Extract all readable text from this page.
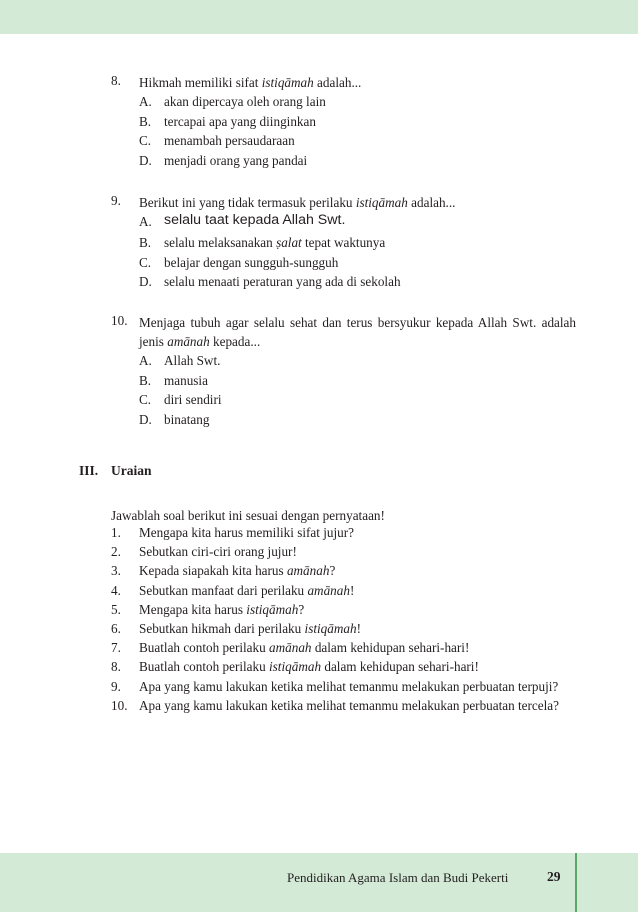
8. Hikmah memiliki sifat istiqāmah adalah...
A. akan dipercaya oleh orang lain
B. tercapai apa yang diinginkan
C. menambah persaudaraan
D. menjadi orang yang pandai
9. Berikut ini yang tidak termasuk perilaku istiqāmah adalah...
A. selalu taat kepada Allah Swt.
B. selalu melaksanakan ṣalat tepat waktunya
C. belajar dengan sungguh-sungguh
D. selalu menaati peraturan yang ada di sekolah
10. Menjaga tubuh agar selalu sehat dan terus bersyukur kepada Allah Swt. adalah jenis amānah kepada...
A. Allah Swt.
B. manusia
C. diri sendiri
D. binatang
III. Uraian
Jawablah soal berikut ini sesuai dengan pernyataan!
1. Mengapa kita harus memiliki sifat jujur?
2. Sebutkan ciri-ciri orang jujur!
3. Kepada siapakah kita harus amānah?
4. Sebutkan manfaat dari perilaku amānah!
5. Mengapa kita harus istiqāmah?
6. Sebutkan hikmah dari perilaku istiqāmah!
7. Buatlah contoh perilaku amānah dalam kehidupan sehari-hari!
8. Buatlah contoh perilaku istiqāmah dalam kehidupan sehari-hari!
9. Apa yang kamu lakukan ketika melihat temanmu melakukan perbuatan terpuji?
10. Apa yang kamu lakukan ketika melihat temanmu melakukan perbuatan tercela?
Pendidikan Agama Islam dan Budi Pekerti	29
